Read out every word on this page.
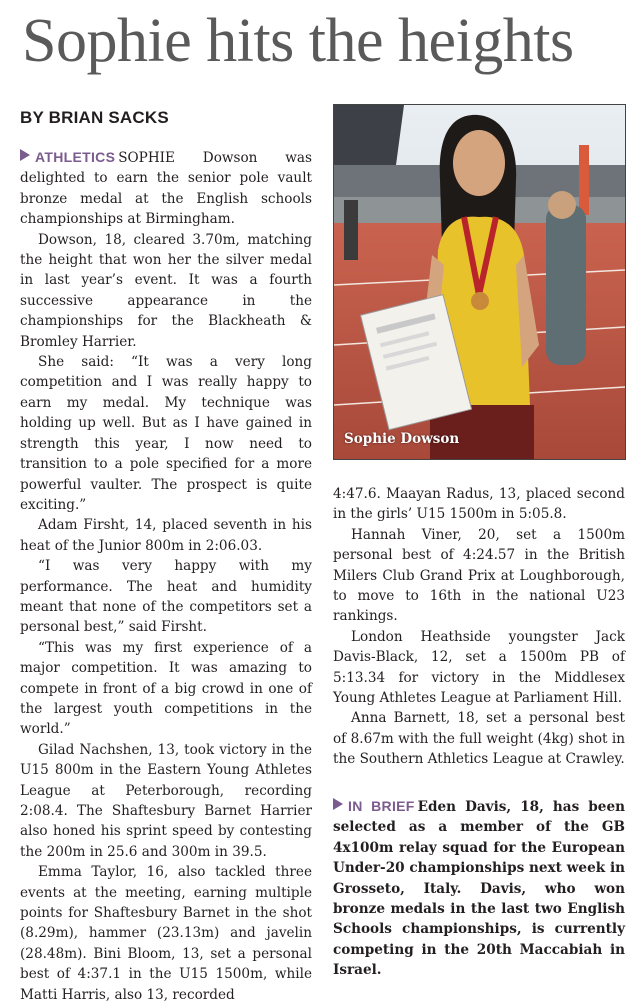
Sophie hits the heights
BY BRIAN SACKS

ATHLETICS SOPHIE Dowson was delighted to earn the senior pole vault bronze medal at the English schools championships at Birmingham.

Dowson, 18, cleared 3.70m, matching the height that won her the silver medal in last year’s event. It was a fourth successive appearance in the championships for the Blackheath & Bromley Harrier.

She said: “It was a very long competition and I was really happy to earn my medal. My technique was holding up well. But as I have gained in strength this year, I now need to transition to a pole specified for a more powerful vaulter. The prospect is quite exciting.”

Adam Firsht, 14, placed seventh in his heat of the Junior 800m in 2:06.03.

“I was very happy with my performance. The heat and humidity meant that none of the competitors set a personal best,” said Firsht.

“This was my first experience of a major competition. It was amazing to compete in front of a big crowd in one of the largest youth competitions in the world.”

Gilad Nachshen, 13, took victory in the U15 800m in the Eastern Young Athletes League at Peterborough, recording 2:08.4. The Shaftesbury Barnet Harrier also honed his sprint speed by contesting the 200m in 25.6 and 300m in 39.5.

Emma Taylor, 16, also tackled three events at the meeting, earning multiple points for Shaftesbury Barnet in the shot (8.29m), hammer (23.13m) and javelin (28.48m). Bini Bloom, 13, set a personal best of 4:37.1 in the U15 1500m, while Matti Harris, also 13, recorded

Sophie Dowson

4:47.6. Maayan Radus, 13, placed second in the girls’ U15 1500m in 5:05.8.

Hannah Viner, 20, set a 1500m personal best of 4:24.57 in the British Milers Club Grand Prix at Loughborough, to move to 16th in the national U23 rankings.

London Heathside youngster Jack Davis-Black, 12, set a 1500m PB of 5:13.34 for victory in the Middlesex Young Athletes League at Parliament Hill.

Anna Barnett, 18, set a personal best of 8.67m with the full weight (4kg) shot in the Southern Athletics League at Crawley.

IN BRIEF Eden Davis, 18, has been selected as a member of the GB 4x100m relay squad for the European Under-20 championships next week in Grosseto, Italy. Davis, who won bronze medals in the last two English Schools championships, is currently competing in the 20th Maccabiah in Israel.
